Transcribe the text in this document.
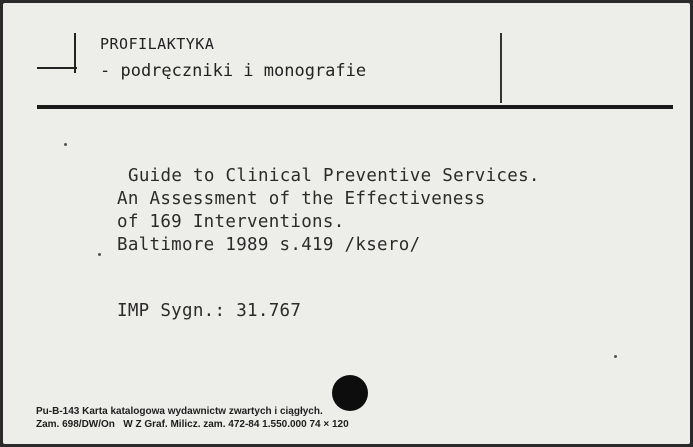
PROFILAKTYKA
- podręczniki i monografie
Guide to Clinical Preventive Services.
An Assessment of the Effectiveness
of 169 Interventions.
Baltimore 1989 s.419 /ksero/
IMP Sygn.: 31.767
Pu-B-143 Karta katalogowa wydawnictw zwartych i ciągłych.
Zam. 698/DW/On   W Z Graf. Milicz. zam. 472-84 1.550.000 74 × 120
